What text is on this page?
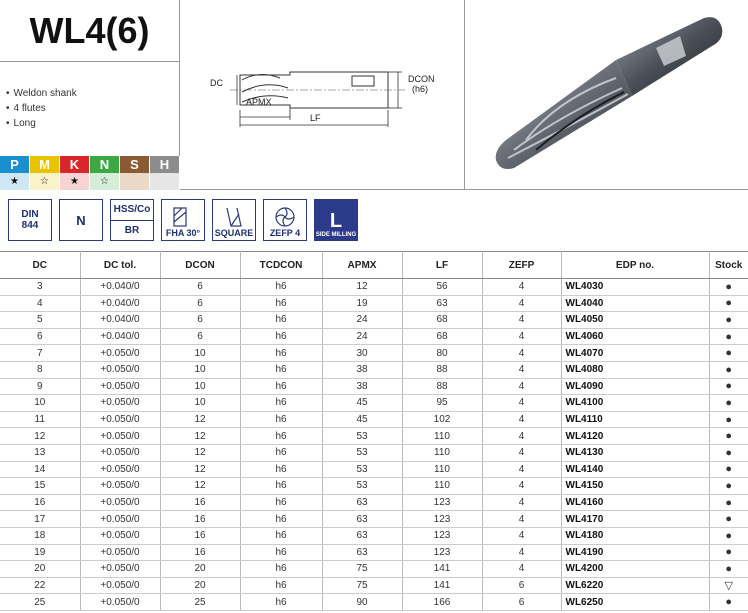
WL4(6)
• Weldon shank
• 4 flutes
• Long
P
★
M
☆
K
★
N
☆
S	H
DC
APMX
LF
DCON
(h6)
DIN
844	N
HSS/Co
BR	FHA 30° SQUARE ZEFP 4
L
SIDE MILLING
DC	DC tol.	DCON	TCDCON	APMX	LF	ZEFP	EDP no.	Stock
3	+0.040/0	6	h6	12	56	4	WL4030	●
4	+0.040/0	6	h6	19	63	4	WL4040	●
5	+0.040/0	6	h6	24	68	4	WL4050	●
6	+0.040/0	6	h6	24	68	4	WL4060	●
7	+0.050/0	10	h6	30	80	4	WL4070	●
8	+0.050/0	10	h6	38	88	4	WL4080	●
9	+0.050/0	10	h6	38	88	4	WL4090	●
10	+0.050/0	10	h6	45	95	4	WL4100	●
11	+0.050/0	12	h6	45	102	4	WL4110	●
12	+0.050/0	12	h6	53	110	4	WL4120	●
13	+0.050/0	12	h6	53	110	4	WL4130	●
14	+0.050/0	12	h6	53	110	4	WL4140	●
15	+0.050/0	12	h6	53	110	4	WL4150	●
16	+0.050/0	16	h6	63	123	4	WL4160	●
17	+0.050/0	16	h6	63	123	4	WL4170	●
18	+0.050/0	16	h6	63	123	4	WL4180	●
19	+0.050/0	16	h6	63	123	4	WL4190	●
20	+0.050/0	20	h6	75	141	4	WL4200	●
22	+0.050/0	20	h6	75	141	6	WL6220	▽
25	+0.050/0	25	h6	90	166	6	WL6250	●
